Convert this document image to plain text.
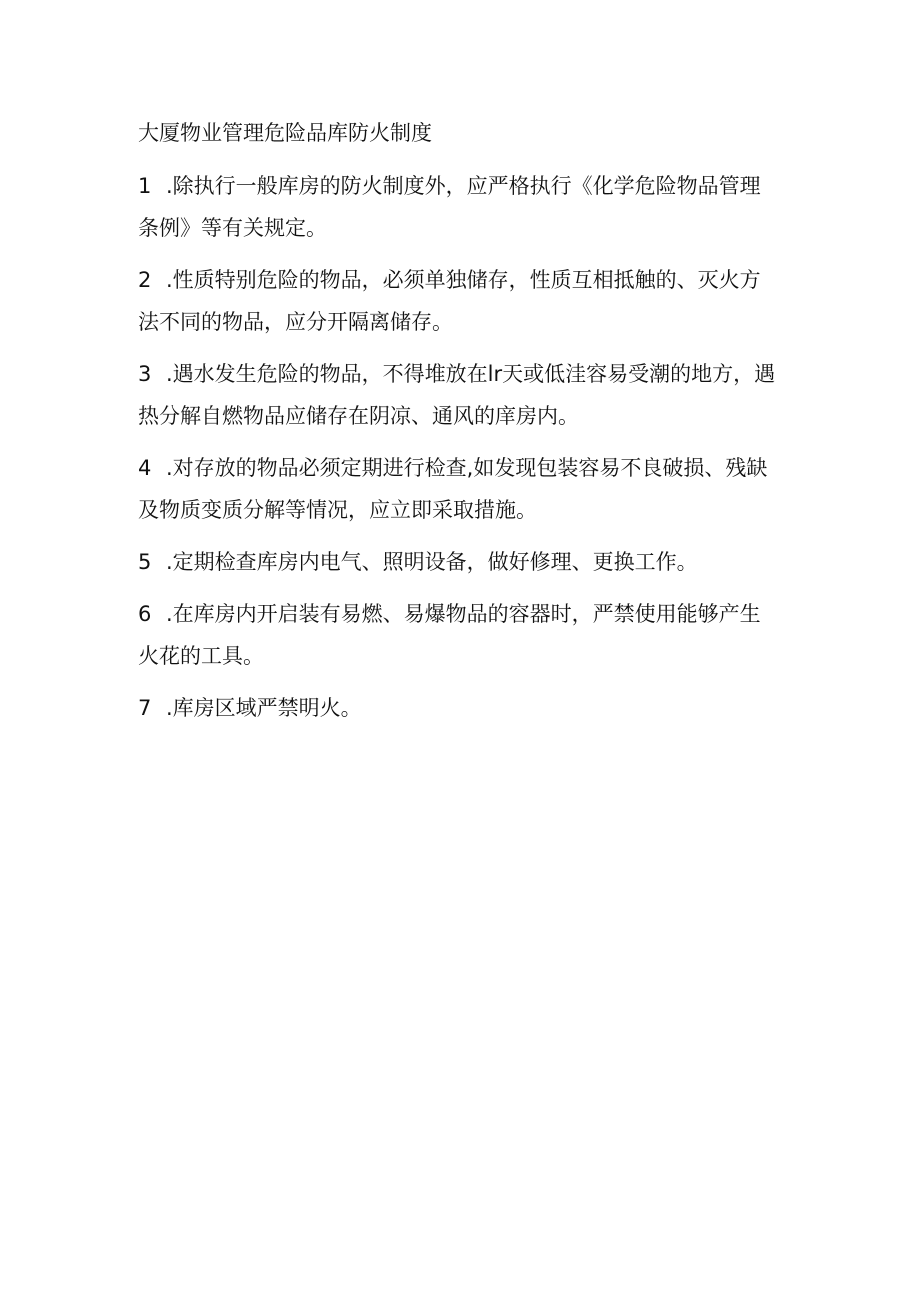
大厦物业管理危险品库防火制度
1 .除执行一般库房的防火制度外，应严格执行《化学危险物品管理条例》等有关规定。
2 .性质特别危险的物品，必须单独储存，性质互相抵触的、灭火方法不同的物品，应分开隔离储存。
3 .遇水发生危险的物品，不得堆放在lr天或低洼容易受潮的地方，遇热分解自燃物品应储存在阴凉、通风的庠房内。
4 .对存放的物品必须定期进行检查,如发现包装容易不良破损、残缺及物质变质分解等情况，应立即采取措施。
5 .定期检查库房内电气、照明设备，做好修理、更换工作。
6 .在库房内开启装有易燃、易爆物品的容器时，严禁使用能够产生火花的工具。
7 .库房区域严禁明火。
